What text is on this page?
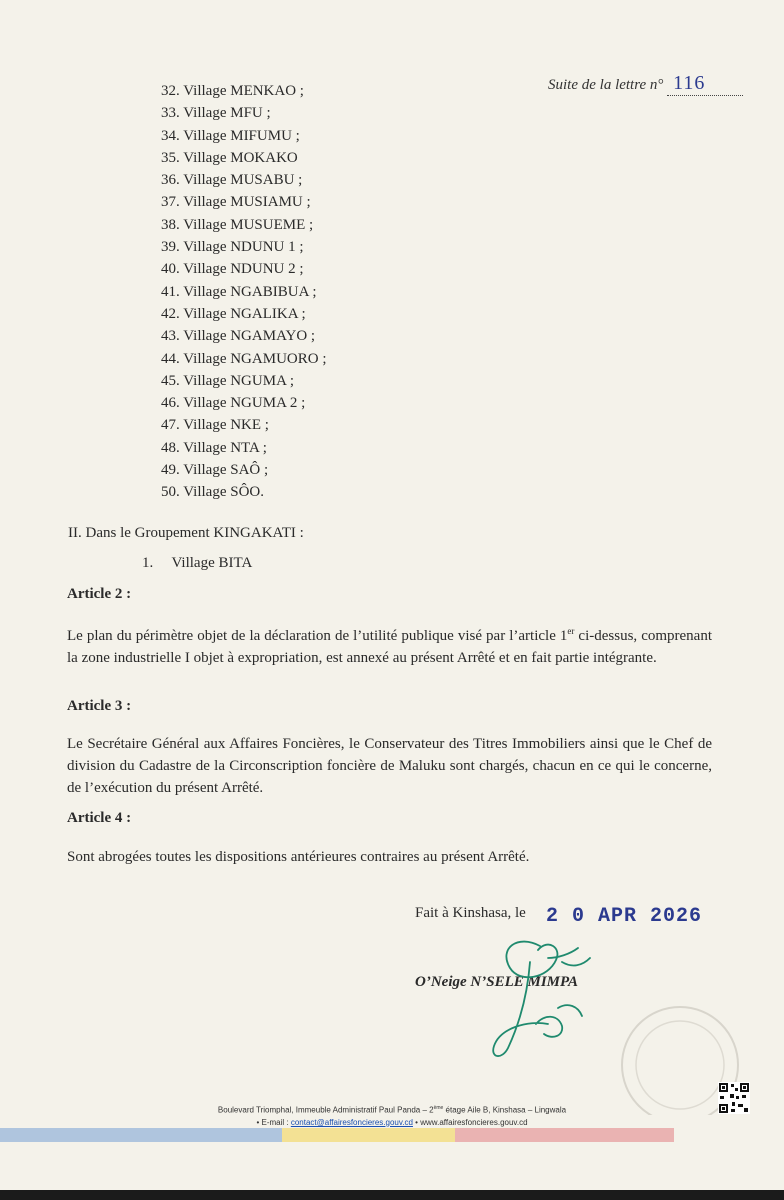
Suite de la lettre n° 116
32. Village MENKAO ;
33. Village MFU ;
34. Village MIFUMU ;
35. Village MOKAKO
36. Village MUSABU ;
37. Village MUSIAMU ;
38. Village MUSUEME ;
39. Village NDUNU 1 ;
40. Village NDUNU 2 ;
41. Village NGABIBUA ;
42. Village NGALIKA ;
43. Village NGAMAYO ;
44. Village NGAMUORO ;
45. Village NGUMA ;
46. Village NGUMA 2 ;
47. Village NKE ;
48. Village NTA ;
49. Village SAÔ ;
50. Village SÔO.
II. Dans le Groupement KINGAKATI :
1. Village BITA
Article 2 :

Le plan du périmètre objet de la déclaration de l’utilité publique visé par l’article 1er ci-dessus, comprenant la zone industrielle I objet à expropriation, est annexé au présent Arrêté et en fait partie intégrante.

Article 3 :

Le Secrétaire Général aux Affaires Foncières, le Conservateur des Titres Immobiliers ainsi que le Chef de division du Cadastre de la Circonscription foncière de Maluku sont chargés, chacun en ce qui le concerne, de l’exécution du présent Arrêté.

Article 4 :

Sont abrogées toutes les dispositions antérieures contraires au présent Arrêté.

Fait à Kinshasa, le 2 0 APR 2026
O’Neige N’SELE MIMPA
Boulevard Triomphal, Immeuble Administratif Paul Panda – 2ème étage Aile B, Kinshasa – Lingwala
• E-mail : contact@affairesfoncieres.gouv.cd • www.affairesfoncieres.gouv.cd
